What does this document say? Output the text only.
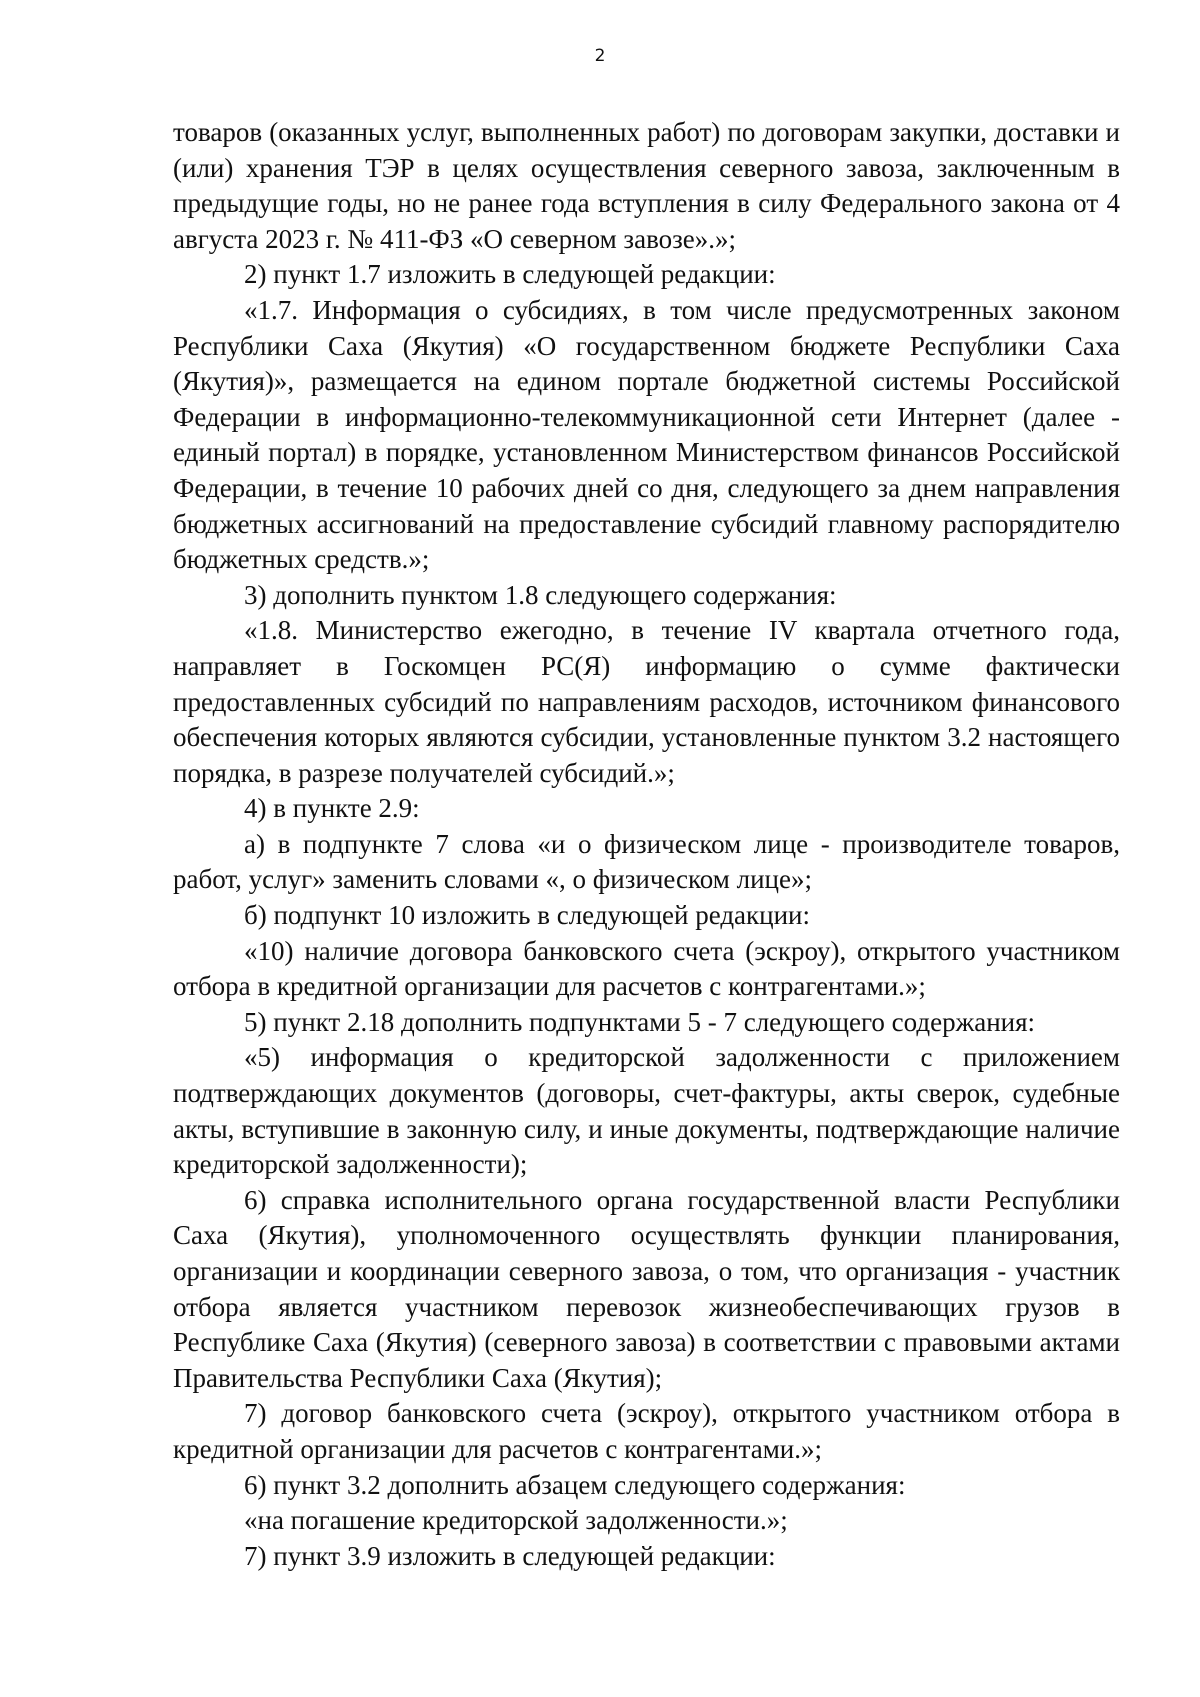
2

товаров (оказанных услуг, выполненных работ) по договорам закупки, доставки и (или) хранения ТЭР в целях осуществления северного завоза, заключенным в предыдущие годы, но не ранее года вступления в силу Федерального закона от 4 августа 2023 г. № 411-ФЗ «О северном завозе».»;

2) пункт 1.7 изложить в следующей редакции:

«1.7. Информация о субсидиях, в том числе предусмотренных законом Республики Саха (Якутия) «О государственном бюджете Республики Саха (Якутия)», размещается на едином портале бюджетной системы Российской Федерации в информационно-телекоммуникационной сети Интернет (далее - единый портал) в порядке, установленном Министерством финансов Российской Федерации, в течение 10 рабочих дней со дня, следующего за днем направления бюджетных ассигнований на предоставление субсидий главному распорядителю бюджетных средств.»;

3) дополнить пунктом 1.8 следующего содержания:

«1.8. Министерство ежегодно, в течение IV квартала отчетного года, направляет в Госкомцен РС(Я) информацию о сумме фактически предоставленных субсидий по направлениям расходов, источником финансового обеспечения которых являются субсидии, установленные пунктом 3.2 настоящего порядка, в разрезе получателей субсидий.»;

4) в пункте 2.9:

а) в подпункте 7 слова «и о физическом лице - производителе товаров, работ, услуг» заменить словами «, о физическом лице»;

б) подпункт 10 изложить в следующей редакции:

«10) наличие договора банковского счета (эскроу), открытого участником отбора в кредитной организации для расчетов с контрагентами.»;

5) пункт 2.18 дополнить подпунктами 5 - 7 следующего содержания:

«5) информация о кредиторской задолженности с приложением подтверждающих документов (договоры, счет-фактуры, акты сверок, судебные акты, вступившие в законную силу, и иные документы, подтверждающие наличие кредиторской задолженности);

6) справка исполнительного органа государственной власти Республики Саха (Якутия), уполномоченного осуществлять функции планирования, организации и координации северного завоза, о том, что организация - участник отбора является участником перевозок жизнеобеспечивающих грузов в Республике Саха (Якутия) (северного завоза) в соответствии с правовыми актами Правительства Республики Саха (Якутия);

7) договор банковского счета (эскроу), открытого участником отбора в кредитной организации для расчетов с контрагентами.»;

6) пункт 3.2 дополнить абзацем следующего содержания:

«на погашение кредиторской задолженности.»;

7) пункт 3.9 изложить в следующей редакции:
